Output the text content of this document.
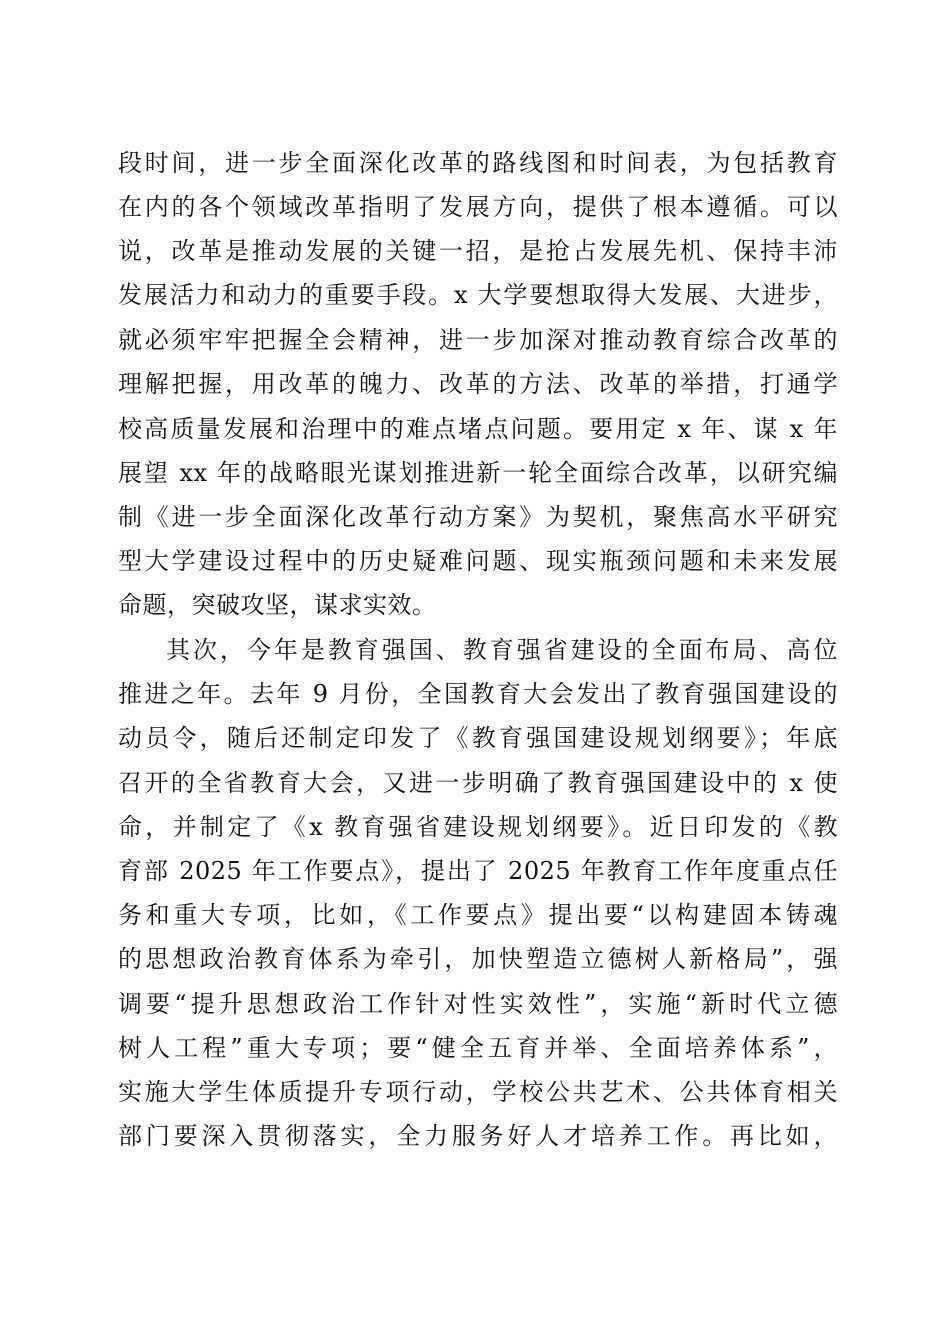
段时间，进一步全面深化改革的路线图和时间表，为包括教育
在内的各个领域改革指明了发展方向，提供了根本遵循。可以
说，改革是推动发展的关键一招，是抢占发展先机、保持丰沛
发展活力和动力的重要手段。x 大学要想取得大发展、大进步，
就必须牢牢把握全会精神，进一步加深对推动教育综合改革的
理解把握，用改革的魄力、改革的方法、改革的举措，打通学
校高质量发展和治理中的难点堵点问题。要用定 x 年、谋 x 年
展望 xx 年的战略眼光谋划推进新一轮全面综合改革，以研究编
制《进一步全面深化改革行动方案》为契机，聚焦高水平研究
型大学建设过程中的历史疑难问题、现实瓶颈问题和未来发展
命题，突破攻坚，谋求实效。
其次，今年是教育强国、教育强省建设的全面布局、高位
推进之年。去年 9 月份，全国教育大会发出了教育强国建设的
动员令，随后还制定印发了《教育强国建设规划纲要》；年底
召开的全省教育大会，又进一步明确了教育强国建设中的 x 使
命，并制定了《x 教育强省建设规划纲要》。近日印发的《教
育部 2025 年工作要点》，提出了 2025 年教育工作年度重点任
务和重大专项，比如，《工作要点》提出要“以构建固本铸魂
的思想政治教育体系为牵引，加快塑造立德树人新格局”，强
调要“提升思想政治工作针对性实效性”，实施“新时代立德
树人工程”重大专项；要“健全五育并举、全面培养体系”，
实施大学生体质提升专项行动，学校公共艺术、公共体育相关
部门要深入贯彻落实，全力服务好人才培养工作。再比如，
